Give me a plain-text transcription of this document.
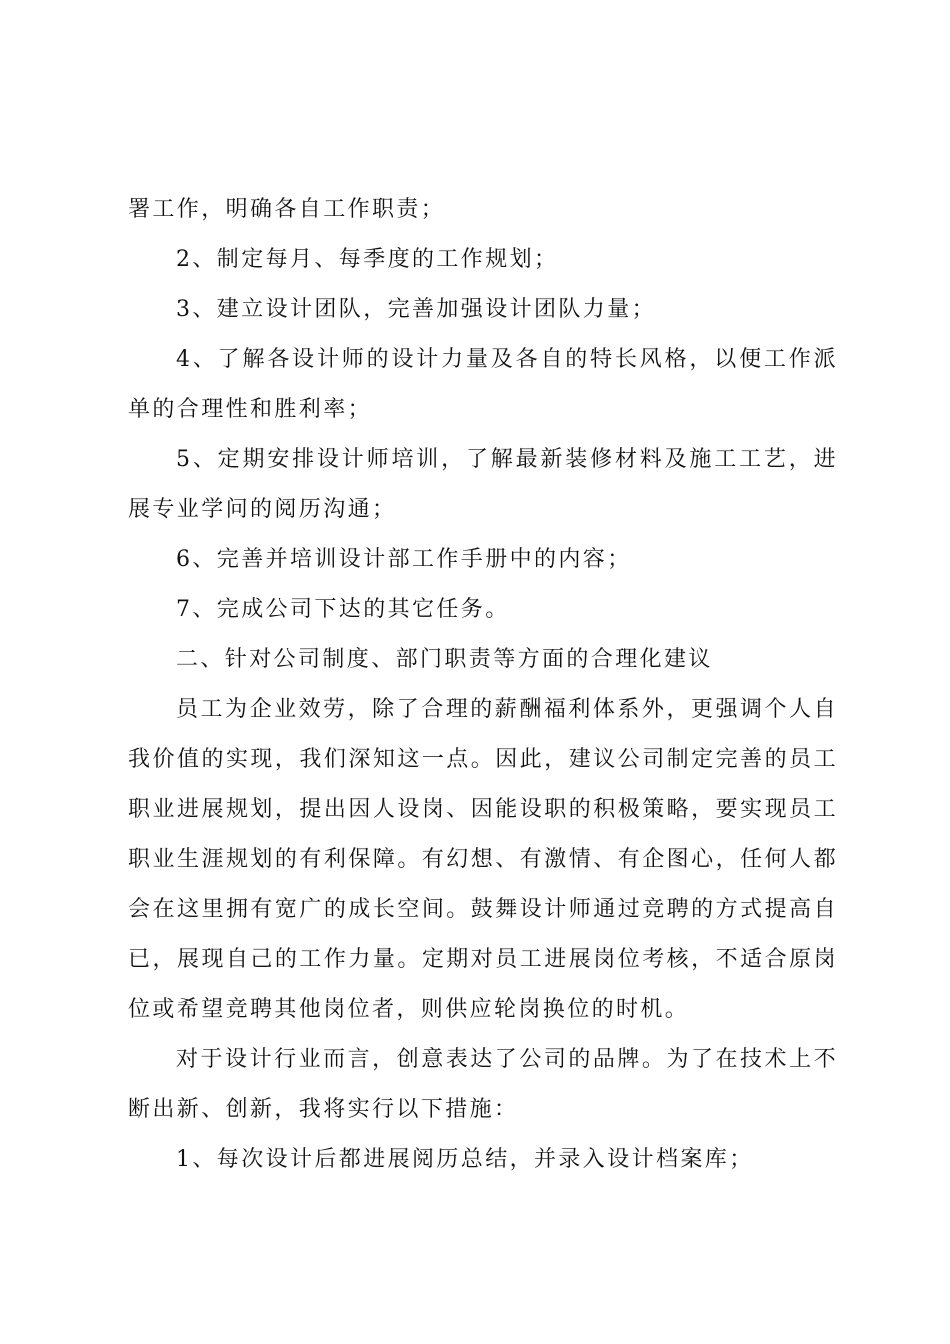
署工作，明确各自工作职责；

2、制定每月、每季度的工作规划；

3、建立设计团队，完善加强设计团队力量；

4、了解各设计师的设计力量及各自的特长风格，以便工作派单的合理性和胜利率；

5、定期安排设计师培训，了解最新装修材料及施工工艺，进展专业学问的阅历沟通；

6、完善并培训设计部工作手册中的内容；

7、完成公司下达的其它任务。

二、针对公司制度、部门职责等方面的合理化建议

员工为企业效劳，除了合理的薪酬福利体系外，更强调个人自我价值的实现，我们深知这一点。因此，建议公司制定完善的员工职业进展规划，提出因人设岗、因能设职的积极策略，要实现员工职业生涯规划的有利保障。有幻想、有激情、有企图心，任何人都会在这里拥有宽广的成长空间。鼓舞设计师通过竞聘的方式提高自已，展现自己的工作力量。定期对员工进展岗位考核，不适合原岗位或希望竞聘其他岗位者，则供应轮岗换位的时机。

对于设计行业而言，创意表达了公司的品牌。为了在技术上不断出新、创新，我将实行以下措施：

1、每次设计后都进展阅历总结，并录入设计档案库；
